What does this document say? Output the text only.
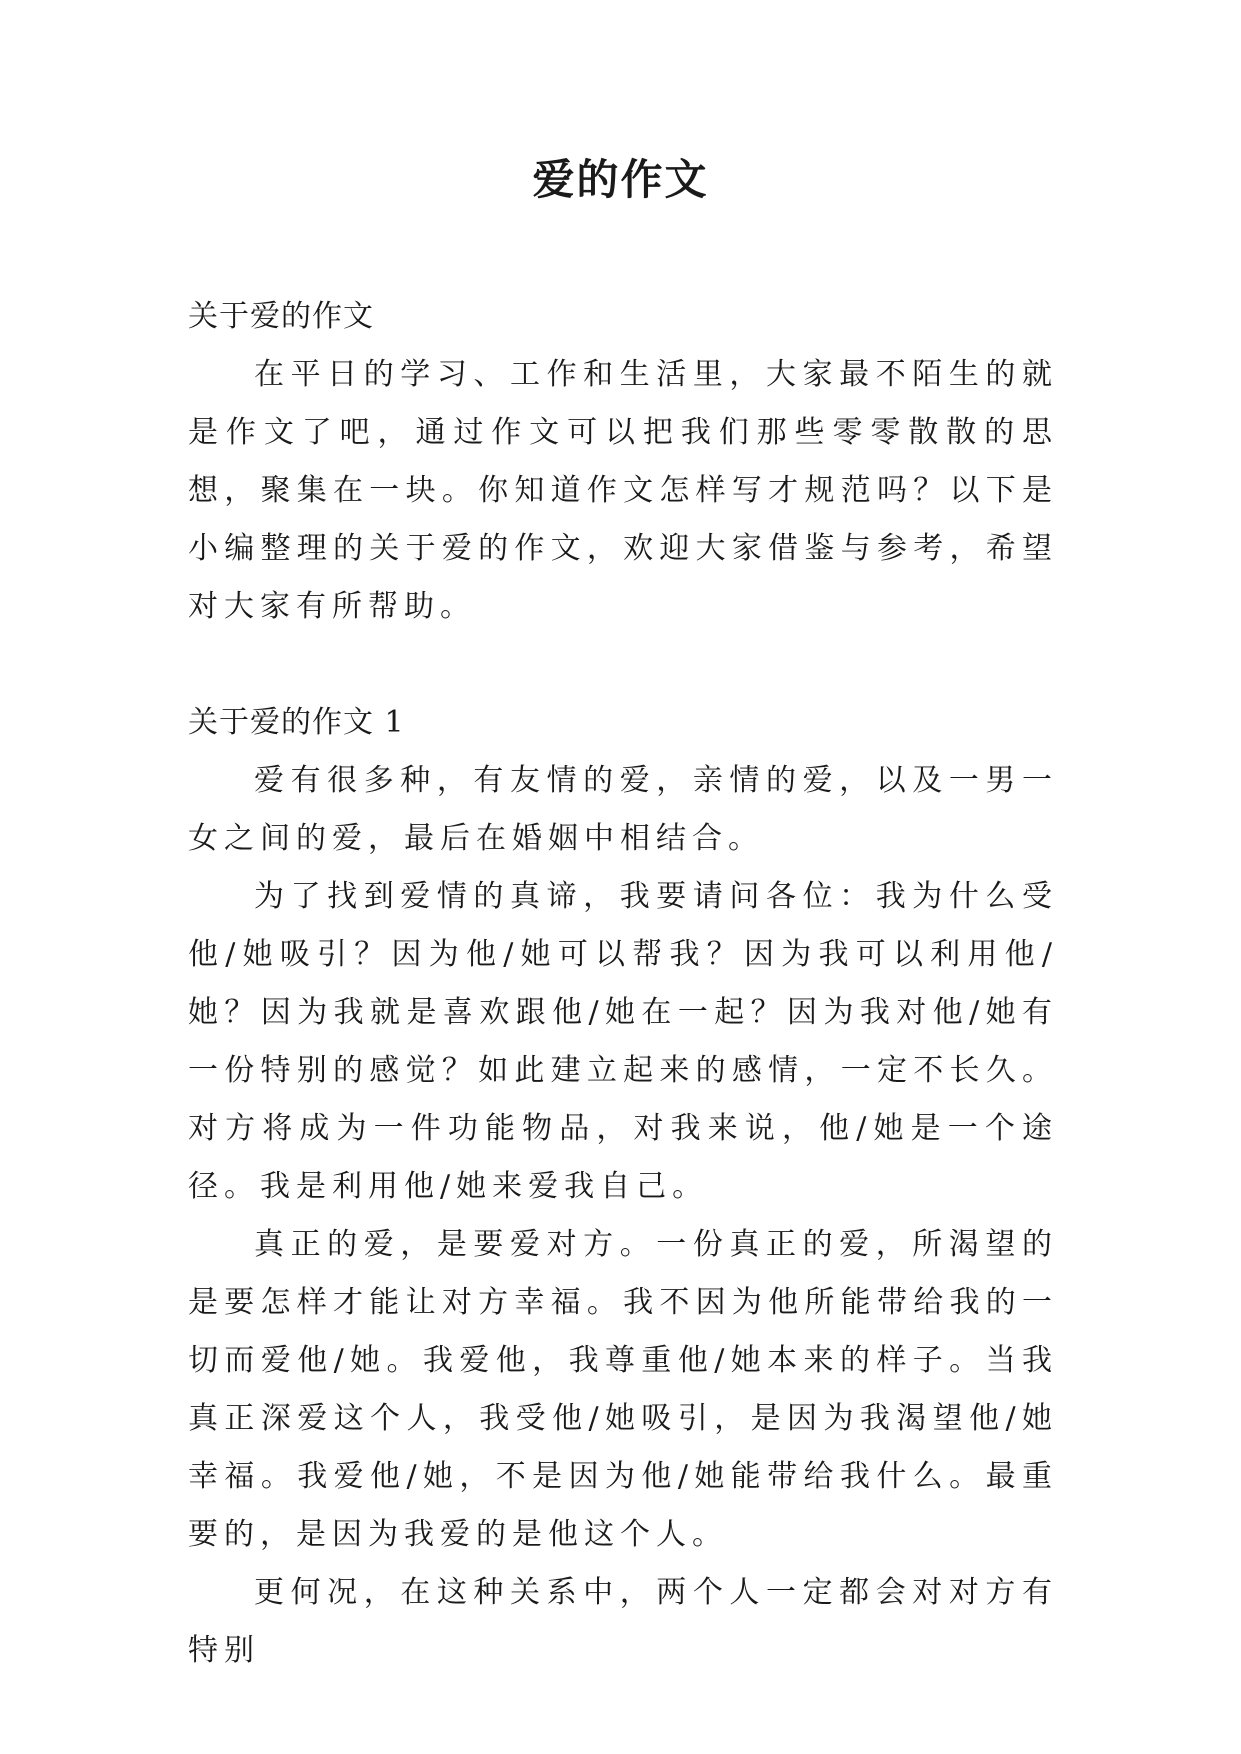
爱的作文

关于爱的作文

在平日的学习、工作和生活里，大家最不陌生的就是作文了吧，通过作文可以把我们那些零零散散的思想，聚集在一块。你知道作文怎样写才规范吗？以下是小编整理的关于爱的作文，欢迎大家借鉴与参考，希望对大家有所帮助。

关于爱的作文 1

爱有很多种，有友情的爱，亲情的爱，以及一男一女之间的爱，最后在婚姻中相结合。

为了找到爱情的真谛，我要请问各位：我为什么受他/她吸引？因为他/她可以帮我？因为我可以利用他/她？因为我就是喜欢跟他/她在一起？因为我对他/她有一份特别的感觉？如此建立起来的感情，一定不长久。对方将成为一件功能物品，对我来说，他/她是一个途径。我是利用他/她来爱我自己。

真正的爱，是要爱对方。一份真正的爱，所渴望的是要怎样才能让对方幸福。我不因为他所能带给我的一切而爱他/她。我爱他，我尊重他/她本来的样子。当我真正深爱这个人，我受他/她吸引，是因为我渴望他/她幸福。我爱他/她，不是因为他/她能带给我什么。最重要的，是因为我爱的是他这个人。

更何况，在这种关系中，两个人一定都会对对方有特别
